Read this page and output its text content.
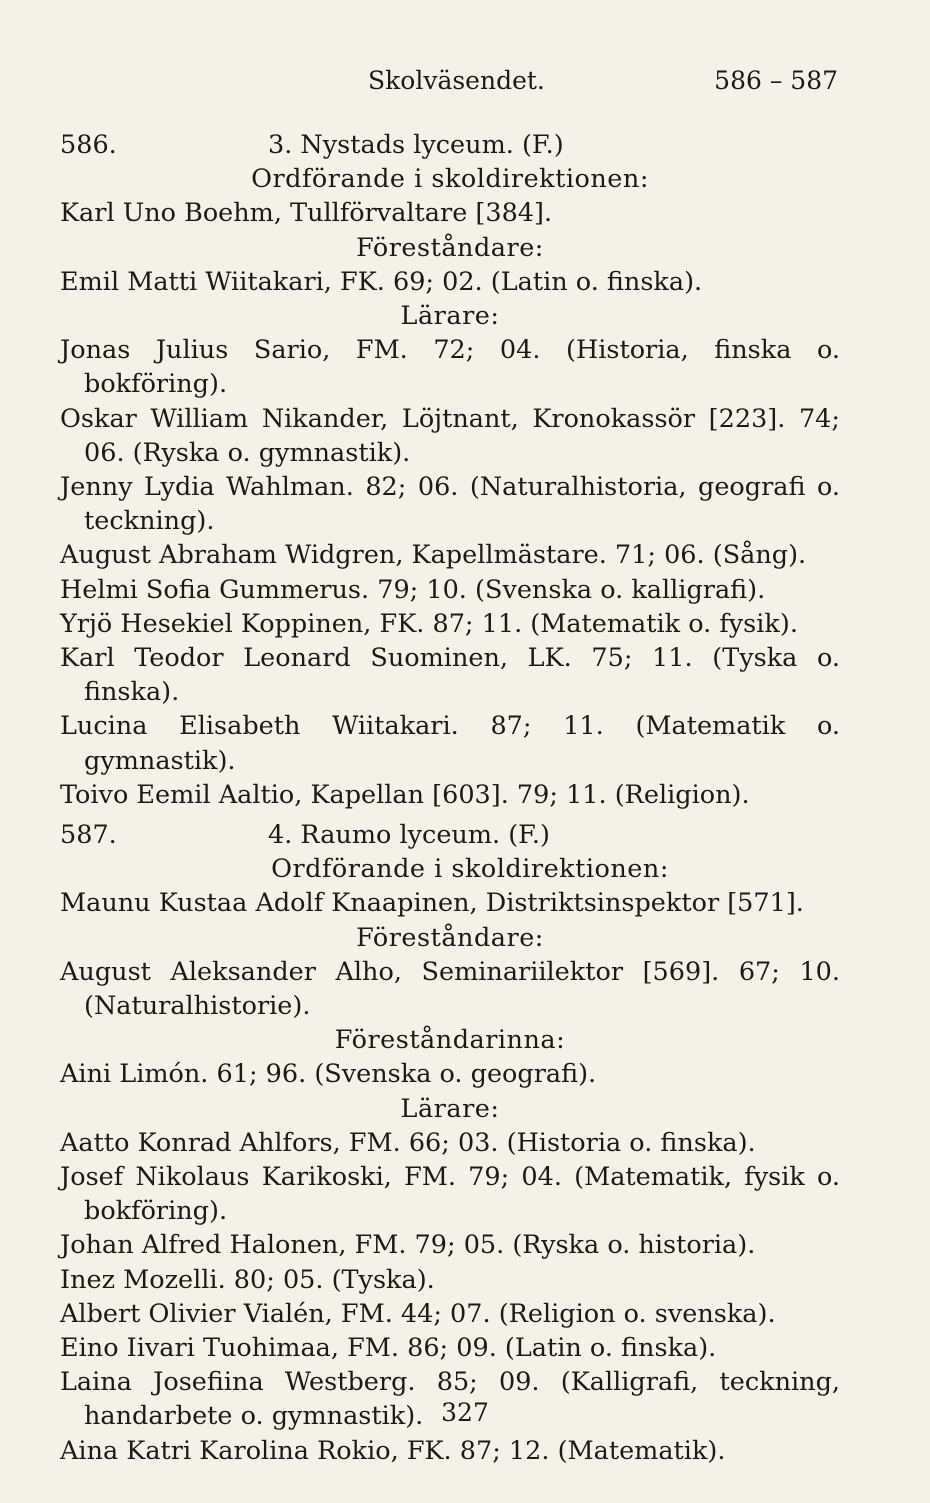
Skolväsendet.	586 – 587
586.	3. Nystads lyceum. (F.)
Ordförande i skoldirektionen:
Karl Uno Boehm, Tullförvaltare [384].
Föreståndare:
Emil Matti Wiitakari, FK. 69; 02. (Latin o. finska).
Lärare:
Jonas Julius Sario, FM. 72; 04. (Historia, finska o. bokföring).
Oskar William Nikander, Löjtnant, Kronokassör [223]. 74; 06. (Ryska o. gymnastik).
Jenny Lydia Wahlman. 82; 06. (Naturalhistoria, geografi o. teckning).
August Abraham Widgren, Kapellmästare. 71; 06. (Sång).
Helmi Sofia Gummerus. 79; 10. (Svenska o. kalligrafi).
Yrjö Hesekiel Koppinen, FK. 87; 11. (Matematik o. fysik).
Karl Teodor Leonard Suominen, LK. 75; 11. (Tyska o. finska).
Lucina Elisabeth Wiitakari. 87; 11. (Matematik o. gymnastik).
Toivo Eemil Aaltio, Kapellan [603]. 79; 11. (Religion).
587.	4. Raumo lyceum. (F.)
Ordförande i skoldirektionen:
Maunu Kustaa Adolf Knaapinen, Distriktsinspektor [571].
Föreståndare:
August Aleksander Alho, Seminariilektor [569]. 67; 10. (Naturalhistorie).
Föreståndarinna:
Aini Limón. 61; 96. (Svenska o. geografi).
Lärare:
Aatto Konrad Ahlfors, FM. 66; 03. (Historia o. finska).
Josef Nikolaus Karikoski, FM. 79; 04. (Matematik, fysik o. bokföring).
Johan Alfred Halonen, FM. 79; 05. (Ryska o. historia).
Inez Mozelli. 80; 05. (Tyska).
Albert Olivier Vialén, FM. 44; 07. (Religion o. svenska).
Eino Iivari Tuohimaa, FM. 86; 09. (Latin o. finska).
Laina Josefiina Westberg. 85; 09. (Kalligrafi, teckning, handarbete o. gymnastik).
Aina Katri Karolina Rokio, FK. 87; 12. (Matematik).
327
